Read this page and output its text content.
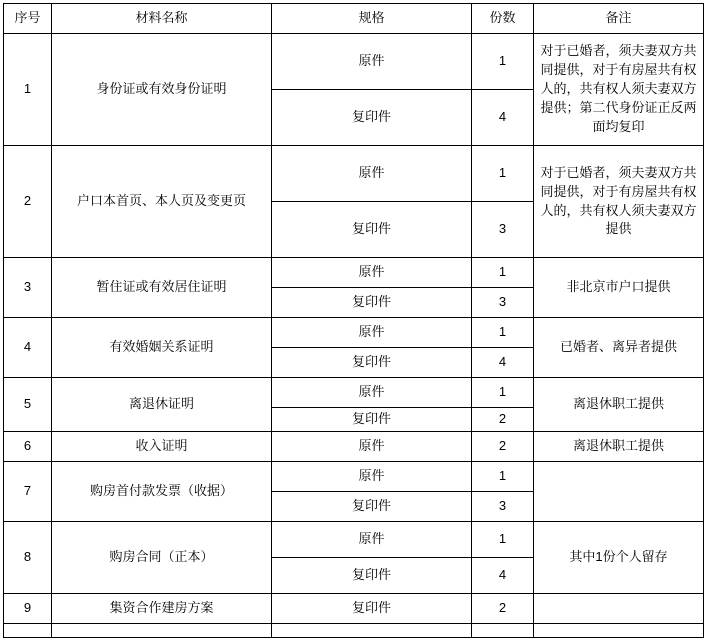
序号	材料名称	规格	份数	备注
1	身份证或有效身份证明	原件	1	对于已婚者，须夫妻双方共同提供，对于有房屋共有权人的，共有权人须夫妻双方提供；第二代身份证正反两面均复印
		复印件	4	
2	户口本首页、本人页及变更页	原件	1	对于已婚者，须夫妻双方共同提供，对于有房屋共有权人的，共有权人须夫妻双方提供
		复印件	3	
3	暂住证或有效居住证明	原件	1	非北京市户口提供
		复印件	3	
4	有效婚姻关系证明	原件	1	已婚者、离异者提供
		复印件	4	
5	离退休证明	原件	1	离退休职工提供
		复印件	2	
6	收入证明	原件	2	离退休职工提供
7	购房首付款发票（收据）	原件	1	
		复印件	3	
8	购房合同（正本）	原件	1	其中1份个人留存
		复印件	4	
9	集资合作建房方案	复印件	2	
